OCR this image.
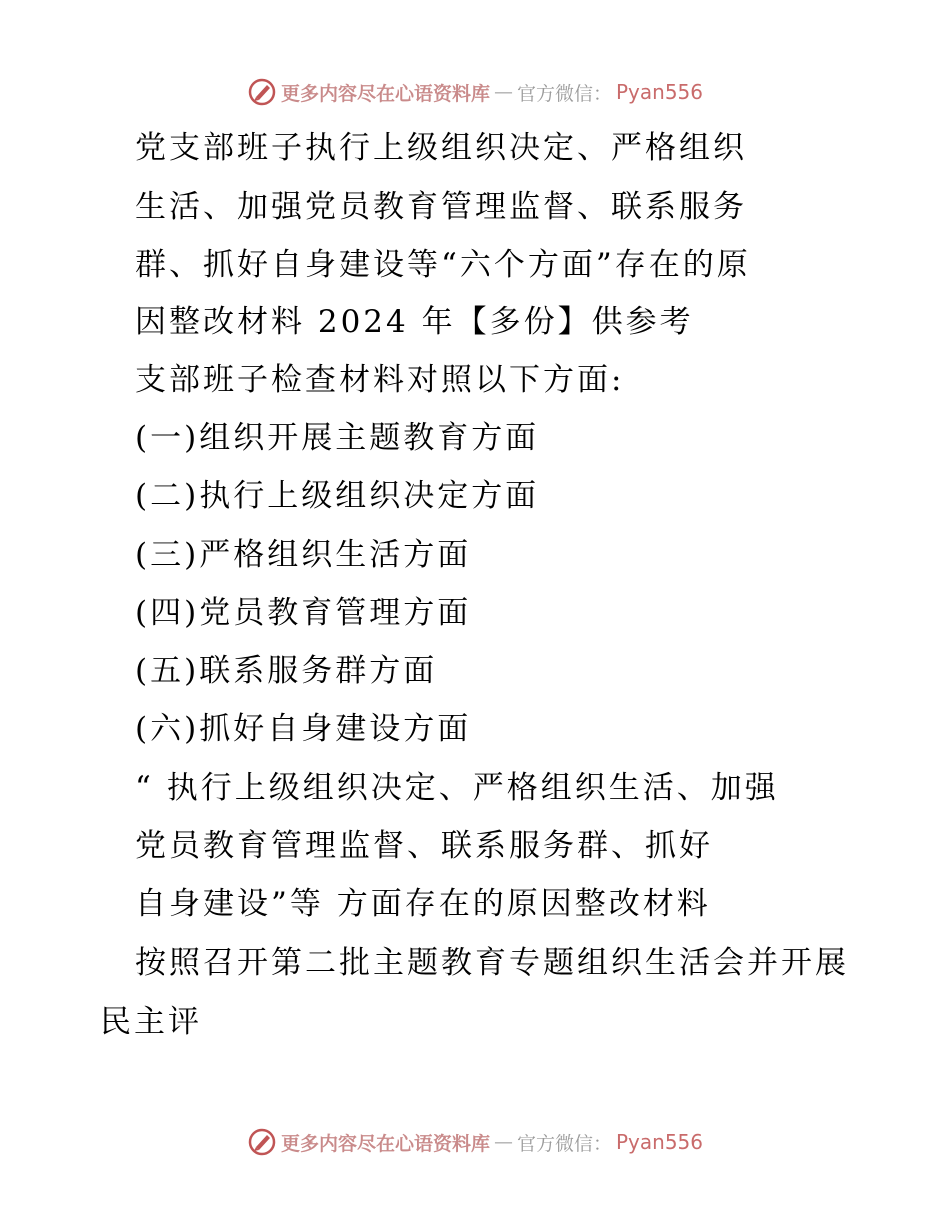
更多内容尽在心语资料库 — 官方微信： Pyan556
党支部班子执行上级组织决定、严格组织
生活、加强党员教育管理监督、联系服务
群、抓好自身建设等“六个方面”存在的原
因整改材料 2024 年【多份】供参考
支部班子检查材料对照以下方面:
(一)组织开展主题教育方面
(二)执行上级组织决定方面
(三)严格组织生活方面
(四)党员教育管理方面
(五)联系服务群方面
(六)抓好自身建设方面
“ 执行上级组织决定、严格组织生活、加强
党员教育管理监督、联系服务群、抓好
自身建设”等 方面存在的原因整改材料
按照召开第二批主题教育专题组织生活会并开展
民主评
更多内容尽在心语资料库 — 官方微信： Pyan556
